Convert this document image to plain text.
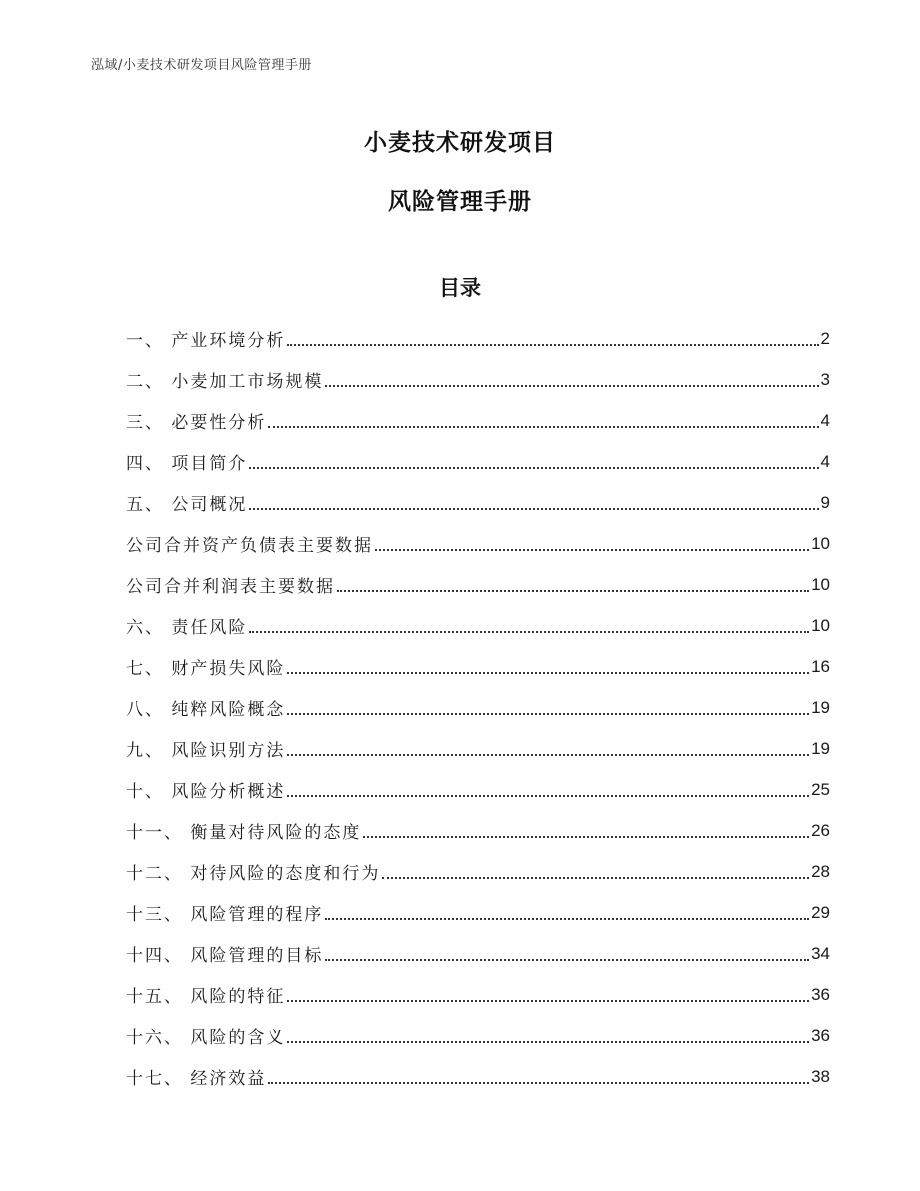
泓域/小麦技术研发项目风险管理手册
小麦技术研发项目
风险管理手册
目录
一、 产业环境分析	2
二、 小麦加工市场规模	3
三、 必要性分析	4
四、 项目简介	4
五、 公司概况	9
公司合并资产负债表主要数据	10
公司合并利润表主要数据	10
六、 责任风险	10
七、 财产损失风险	16
八、 纯粹风险概念	19
九、 风险识别方法	19
十、 风险分析概述	25
十一、 衡量对待风险的态度	26
十二、 对待风险的态度和行为	28
十三、 风险管理的程序	29
十四、 风险管理的目标	34
十五、 风险的特征	36
十六、 风险的含义	36
十七、 经济效益	38
